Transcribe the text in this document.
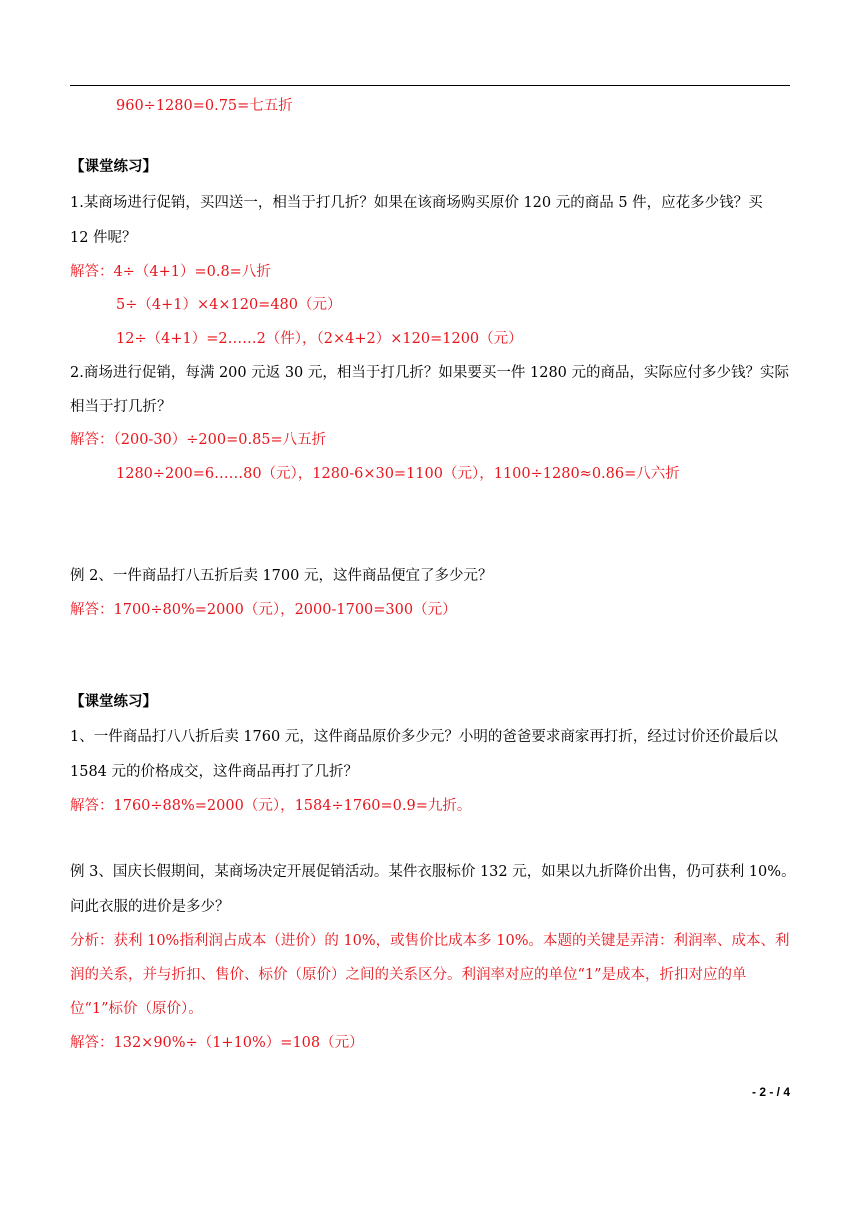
960÷1280=0.75=七五折
【课堂练习】
1.某商场进行促销，买四送一，相当于打几折？如果在该商场购买原价 120 元的商品 5 件，应花多少钱？买
12 件呢？
解答：4÷（4+1）=0.8=八折
5÷（4+1）×4×120=480（元）
12÷（4+1）=2……2（件），（2×4+2）×120=1200（元）
2.商场进行促销，每满 200 元返 30 元，相当于打几折？如果要买一件 1280 元的商品，实际应付多少钱？实际
相当于打几折？
解答：（200-30）÷200=0.85=八五折
1280÷200=6……80（元），1280-6×30=1100（元），1100÷1280≈0.86=八六折
例 2、一件商品打八五折后卖 1700 元，这件商品便宜了多少元？
解答：1700÷80%=2000（元），2000-1700=300（元）
【课堂练习】
1、一件商品打八八折后卖 1760 元，这件商品原价多少元？小明的爸爸要求商家再打折，经过讨价还价最后以
1584 元的价格成交，这件商品再打了几折？
解答：1760÷88%=2000（元），1584÷1760=0.9=九折。
例 3、国庆长假期间，某商场决定开展促销活动。某件衣服标价 132 元，如果以九折降价出售，仍可获利 10%。
问此衣服的进价是多少？
分析：获利 10%指利润占成本（进价）的 10%，或售价比成本多 10%。本题的关键是弄清：利润率、成本、利
润的关系，并与折扣、售价、标价（原价）之间的关系区分。利润率对应的单位“1”是成本，折扣对应的单
位“1”标价（原价）。
解答：132×90%÷（1+10%）=108（元）
- 2 - / 4
